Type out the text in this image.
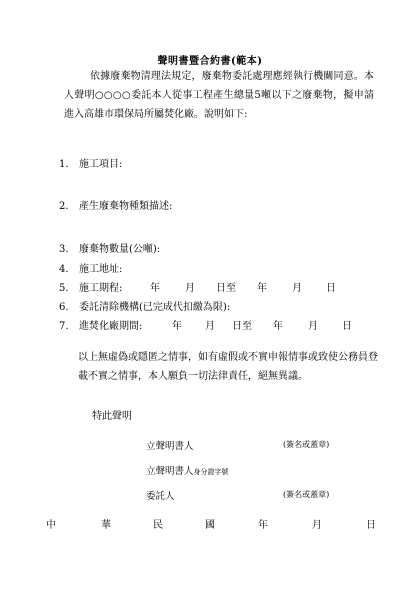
聲明書暨合約書(範本)
依據廢棄物清理法規定，廢棄物委託處理應經執行機關同意。本人聲明○○○○委託本人從事工程產生總量5噸以下之廢棄物，擬申請進入高雄市環保局所屬焚化廠。說明如下:
1. 施工項目:
2. 產生廢棄物種類描述:
3. 廢棄物數量(公噸):
4. 施工地址:
5. 施工期程:	年	月 日至 年	月 日
6. 委託清除機構(已完成代扣繳為限):
7. 進焚化廠期間:	年 月 日至 年	月 日
以上無虛偽或隱匿之情事，如有虛假或不實申報情事或致使公務員登載不實之情事，本人願負一切法律責任，絕無異議。
特此聲明
立聲明書人	(簽名或蓋章)
立聲明書人身分證字號
委託人	(簽名或蓋章)
中	華	民	國	年	月	日
